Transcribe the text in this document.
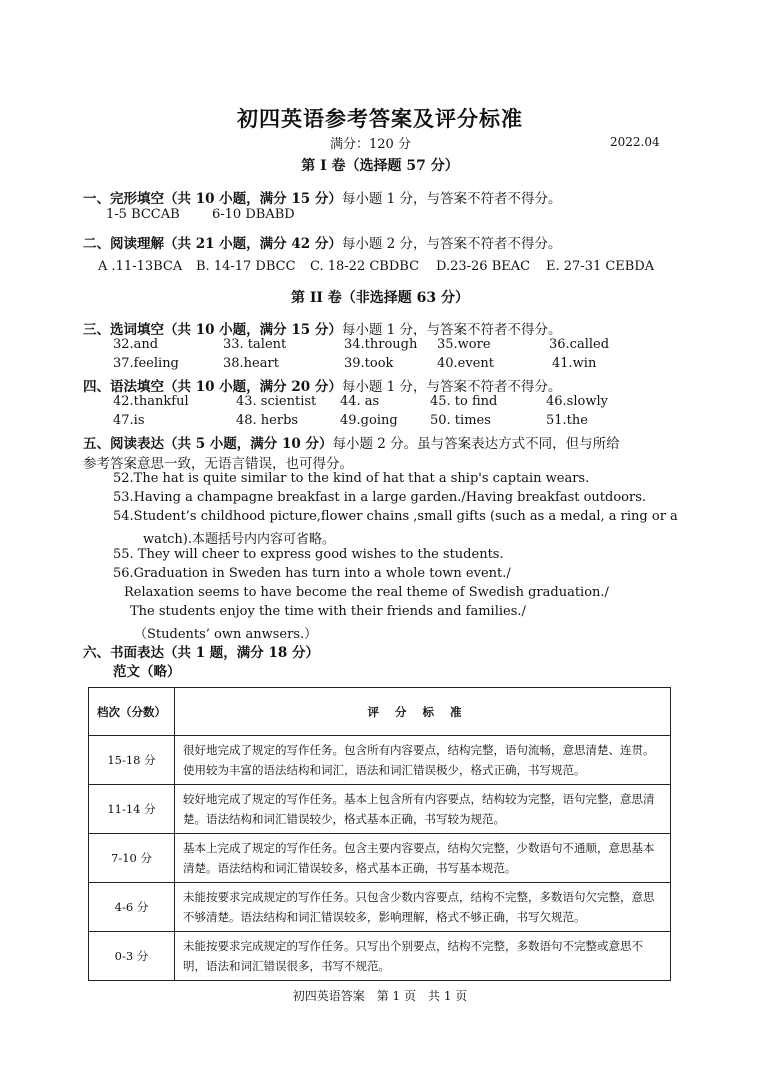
初四英语参考答案及评分标准
满分：120 分	2022.04
第 I 卷（选择题 57 分）
一、完形填空（共 10 小题，满分 15 分）每小题 1 分，与答案不符者不得分。
1-5 BCCAB 6-10 DBABD
二、阅读理解（共 21 小题，满分 42 分）每小题 2 分，与答案不符者不得分。
A .11-13BCA B. 14-17 DBCC C. 18-22 CBDBC D.23-26 BEAC E. 27-31 CEBDA
第 II 卷（非选择题 63 分）
三、选词填空（共 10 小题，满分 15 分）每小题 1 分，与答案不符者不得分。
32.and	33. talent	34.through 35.wore	36.called
37.feeling	38.heart	39.took	40.event	41.win
四、语法填空（共 10 小题，满分 20 分）每小题 1 分，与答案不符者不得分。
42.thankful	43. scientist 44. as	45. to find	46.slowly
47.is	48. herbs	49.going 50. times	51.the
五、阅读表达（共 5 小题，满分 10 分）每小题 2 分。虽与答案表达方式不同，但与所给
参考答案意思一致，无语言错误，也可得分。
52.The hat is quite similar to the kind of hat that a ship's captain wears.
53.Having a champagne breakfast in a large garden./Having breakfast outdoors.
54.Student’s childhood picture,flower chains ,small gifts (such as a medal, a ring or a
watch).本题括号内内容可省略。
55. They will cheer to express good wishes to the students.
56.Graduation in Sweden has turn into a whole town event./
Relaxation seems to have become the real theme of Swedish graduation./
The students enjoy the time with their friends and families./
（Students’ own anwsers.）
六、书面表达（共 1 题，满分 18 分）
范文（略）
档次（分数）	评分标准
15-18 分	很好地完成了规定的写作任务。包含所有内容要点，结构完整，语句流畅，意思清楚、连贯。使用较为丰富的语法结构和词汇，语法和词汇错误极少，格式正确，书写规范。
11-14 分	较好地完成了规定的写作任务。基本上包含所有内容要点，结构较为完整，语句完整，意思清楚。语法结构和词汇错误较少，格式基本正确，书写较为规范。
7-10 分	基本上完成了规定的写作任务。包含主要内容要点，结构欠完整，少数语句不通顺，意思基本清楚。语法结构和词汇错误较多，格式基本正确，书写基本规范。
4-6 分	未能按要求完成规定的写作任务。只包含少数内容要点，结构不完整，多数语句欠完整，意思不够清楚。语法结构和词汇错误较多，影响理解，格式不够正确，书写欠规范。
0-3 分	未能按要求完成规定的写作任务。只写出个别要点，结构不完整，多数语句不完整或意思不明，语法和词汇错误很多，书写不规范。
初四英语答案　第 1 页　共 1 页
